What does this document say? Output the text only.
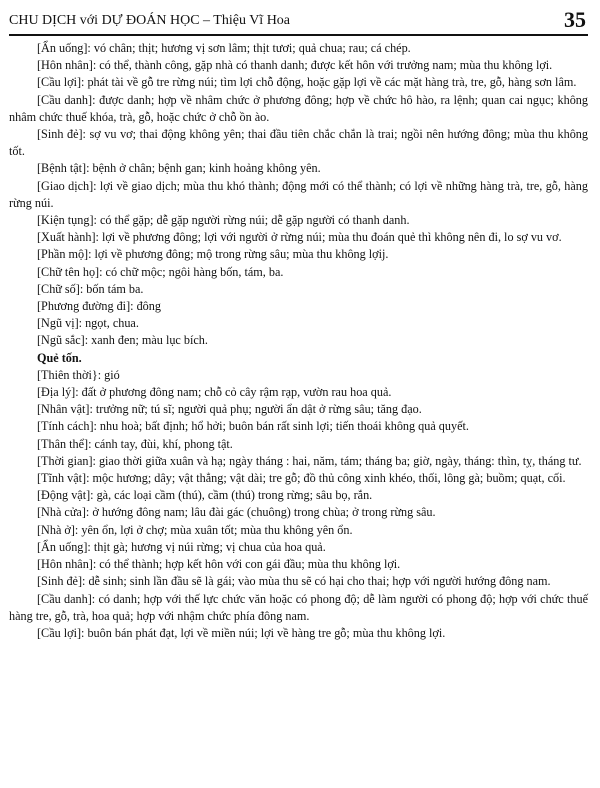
CHU DỊCH với DỰ ĐOÁN HỌC – Thiệu Vĩ Hoa	35

[Ẩn uống]: vó chân; thịt; hương vị sơn lâm; thịt tươi; quả chua; rau; cá chép.

[Hôn nhân]: có thể, thành công, gặp nhà có thanh danh; được kết hôn với trưởng nam; mùa thu không lợi.

[Cầu lợi]: phát tài về gỗ tre rừng núi; tìm lợi chỗ động, hoặc gặp lợi về các mặt hàng trà, tre, gỗ, hàng sơn lâm.

[Cầu danh]: được danh; hợp về nhâm chức ở phương đông; hợp về chức hô hào, ra lệnh; quan cai ngục; không nhâm chức thuế khóa, trà, gỗ, hoặc chức ở chỗ ồn ào.

[Sinh đẻ]: sợ vu vơ; thai động không yên; thai đầu tiên chắc chắn là trai; ngồi nên hướng đông; mùa thu không tốt.

[Bệnh tật]: bệnh ở chân; bệnh gan; kinh hoảng không yên.

[Giao dịch]: lợi về giao dịch; mùa thu khó thành; động mới có thể thành; có lợi về những hàng trà, tre, gỗ, hàng rừng núi.

[Kiện tụng]: có thể gặp; dễ gặp người rừng núi; dễ gặp người có thanh danh.

[Xuất hành]: lợi về phương đông; lợi với người ở rừng núi; mùa thu đoán quẻ thì không nên đi, lo sợ vu vơ.

[Phần mộ]: lợi về phương đông; mộ trong rừng sâu; mùa thu không lợij.

[Chữ tên họ]: có chữ mộc; ngôi hàng bốn, tám, ba.

[Chữ số]: bốn tám ba.

[Phương đường đi]: đông

[Ngũ vị]: ngọt, chua.

[Ngũ sắc]: xanh đen; màu lục bích.

Quẻ tốn.

[Thiên thời}: gió

[Địa lý]: đất ở phương đông nam; chỗ cỏ cây rậm rạp, vườn rau hoa quả.

[Nhân vật]: trưởng nữ; tú sĩ; người quả phụ; người ẩn dật ở rừng sâu; tăng đạo.

[Tính cách]: nhu hoà; bất định; hổ hởi; buôn bán rất sinh lợi; tiến thoái không quả quyết.

[Thân thể]: cánh tay, đùi, khí, phong tật.

[Thời gian]: giao thời giữa xuân và hạ; ngày tháng : hai, năm, tám; tháng ba; giờ, ngày, tháng: thìn, tỵ, tháng tư.

[Tĩnh vật]: mộc hương; dây; vật thẳng; vật dài; tre gỗ; đồ thủ công xinh khéo, thối, lông gà; buồm; quạt, cối.

[Động vật]: gà, các loại cầm (thú), cầm (thú) trong rừng; sâu bọ, rắn.

[Nhà cửa]: ở hướng đông nam; lâu đài gác (chuông) trong chùa; ở trong rừng sâu.

[Nhà ở]: yên ổn, lợi ở chợ; mùa xuân tốt; mùa thu không yên ổn.

[Ẩn uống]: thịt gà; hương vị núi rừng; vị chua của hoa quả.

[Hôn nhân]: có thể thành; hợp kết hôn với con gái đầu; mùa thu không lợi.

[Sinh đẻ]: dễ sinh; sinh lần đầu sẽ là gái; vào mùa thu sẽ có hại cho thai; hợp với người hướng đông nam.

[Cầu danh]: có danh; hợp với thế lực chức văn hoặc có phong độ; dễ làm người có phong độ; hợp với chức thuế hàng tre, gỗ, trà, hoa quả; hợp với nhậm chức phía đông nam.

[Cầu lợi]: buôn bán phát đạt, lợi về miền núi; lợi về hàng tre gỗ; mùa thu không lợi.
